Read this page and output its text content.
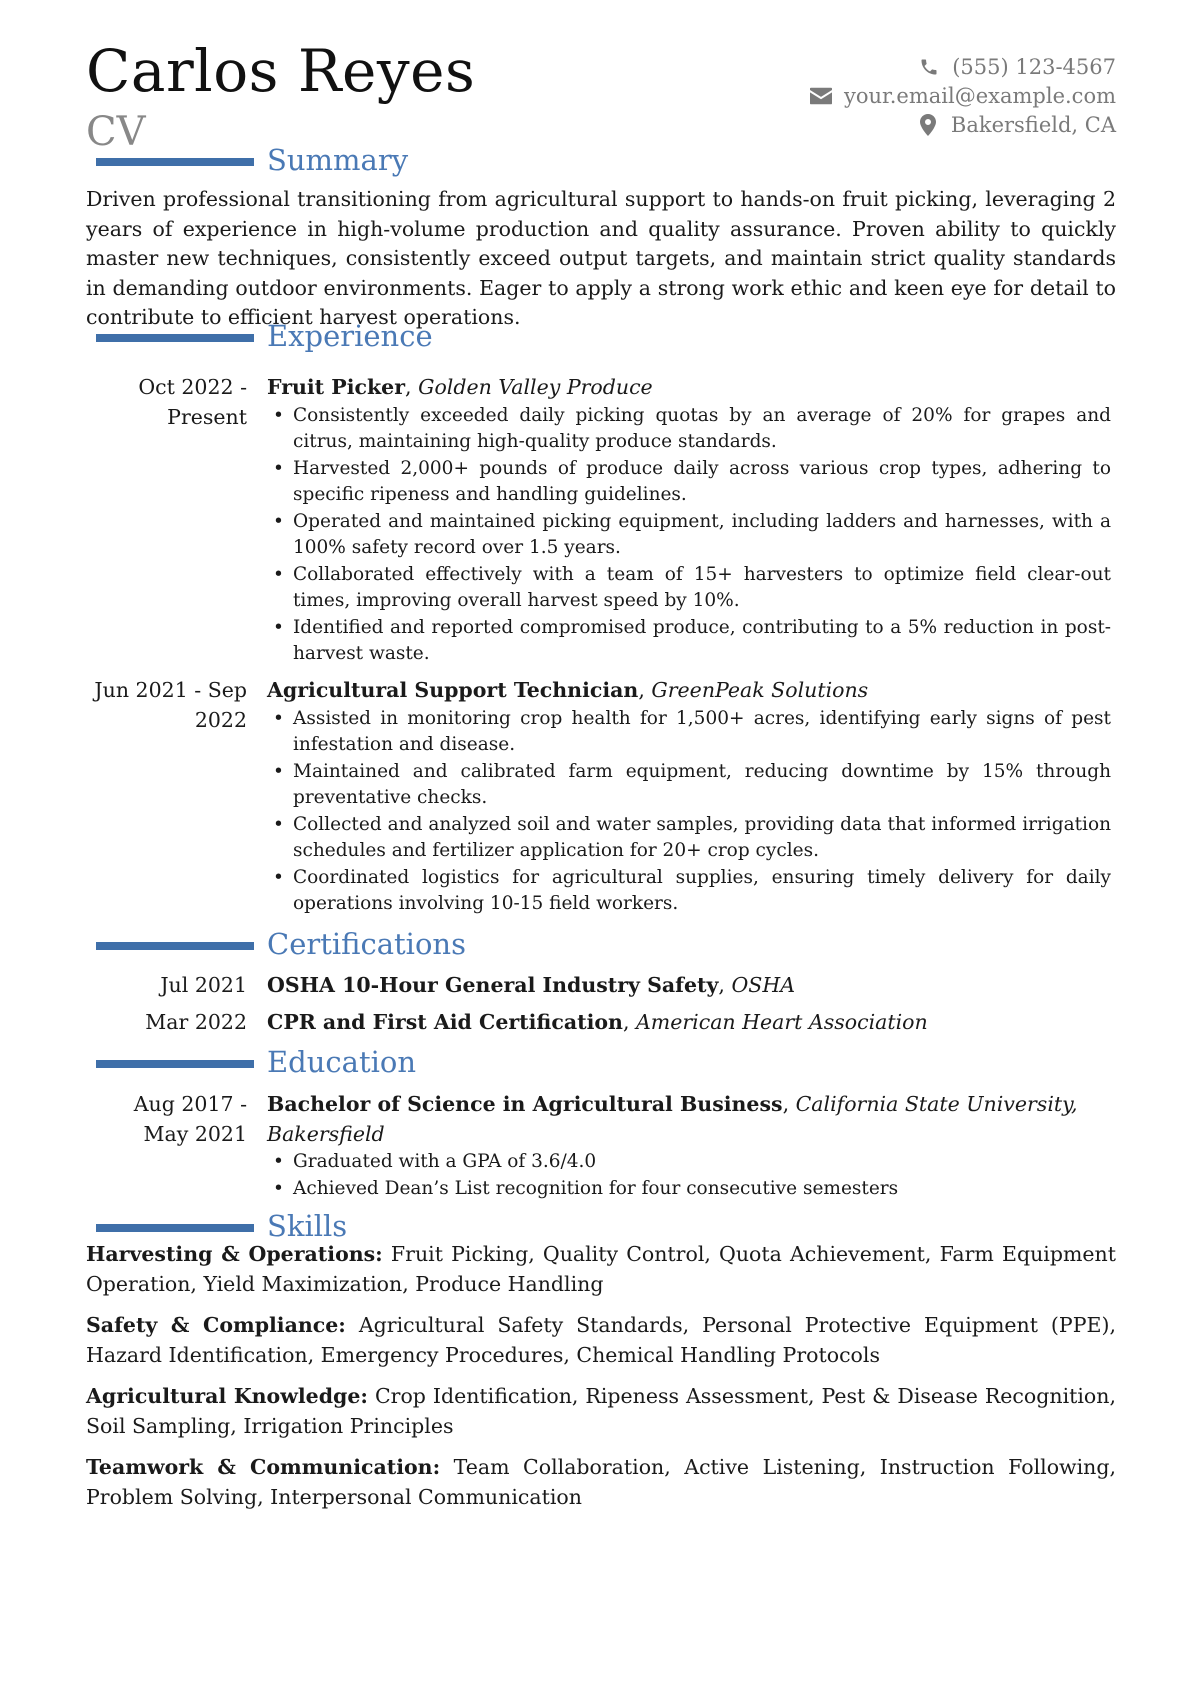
Carlos Reyes
CV
(555) 123-4567
your.email@example.com
Bakersfield, CA
Summary
Driven professional transitioning from agricultural support to hands-on fruit picking, leveraging 2 years of experience in high-volume production and quality assurance. Proven ability to quickly master new techniques, consistently exceed output targets, and maintain strict quality standards in demanding outdoor environments. Eager to apply a strong work ethic and keen eye for detail to contribute to efficient harvest operations.
Experience
Oct 2022 - Present
Fruit Picker, Golden Valley Produce
• Consistently exceeded daily picking quotas by an average of 20% for grapes and citrus, maintaining high-quality produce standards.
• Harvested 2,000+ pounds of produce daily across various crop types, adhering to specific ripeness and handling guidelines.
• Operated and maintained picking equipment, including ladders and harnesses, with a 100% safety record over 1.5 years.
• Collaborated effectively with a team of 15+ harvesters to optimize field clear-out times, improving overall harvest speed by 10%.
• Identified and reported compromised produce, contributing to a 5% reduction in post-harvest waste.
Jun 2021 - Sep 2022
Agricultural Support Technician, GreenPeak Solutions
• Assisted in monitoring crop health for 1,500+ acres, identifying early signs of pest infestation and disease.
• Maintained and calibrated farm equipment, reducing downtime by 15% through preventative checks.
• Collected and analyzed soil and water samples, providing data that informed irrigation schedules and fertilizer application for 20+ crop cycles.
• Coordinated logistics for agricultural supplies, ensuring timely delivery for daily operations involving 10-15 field workers.
Certifications
Jul 2021 OSHA 10-Hour General Industry Safety, OSHA
Mar 2022 CPR and First Aid Certification, American Heart Association
Education
Aug 2017 - May 2021
Bachelor of Science in Agricultural Business, California State University, Bakersfield
• Graduated with a GPA of 3.6/4.0
• Achieved Dean’s List recognition for four consecutive semesters
Skills
Harvesting & Operations: Fruit Picking, Quality Control, Quota Achievement, Farm Equipment Operation, Yield Maximization, Produce Handling
Safety & Compliance: Agricultural Safety Standards, Personal Protective Equipment (PPE), Hazard Identification, Emergency Procedures, Chemical Handling Protocols
Agricultural Knowledge: Crop Identification, Ripeness Assessment, Pest & Disease Recognition, Soil Sampling, Irrigation Principles
Teamwork & Communication: Team Collaboration, Active Listening, Instruction Following, Problem Solving, Interpersonal Communication
